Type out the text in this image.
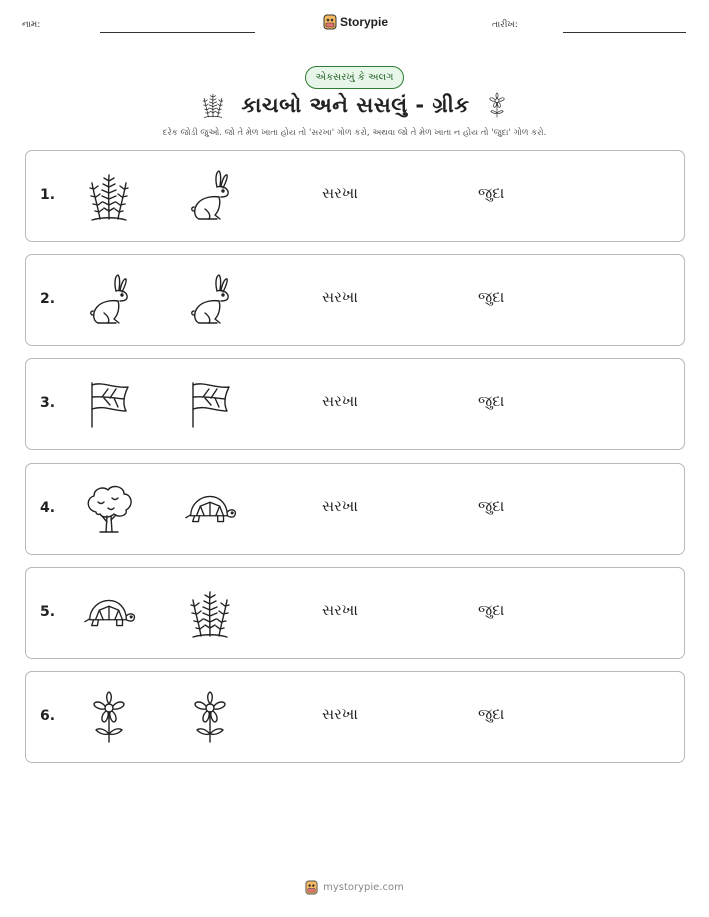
નામ:	Storypie	તારીખ:
એકસરખું કે અલગ
કાચબો અને સસલું - ગ્રીક
દરેક જોડી જુઓ. જો તે મેળ ખાતા હોય તો 'સરખા' ગોળ કરો, અથવા જો તે મેળ ખાતા ન હોય તો 'જુદા' ગોળ કરો.
1.	સરખા	જુદા
2.	સરખા	જુદા
3.	સરખા	જુદા
4.	સરખા	જુદા
5.	સરખા	જુદા
6.	સરખા	જુદા
mystorypie.com
